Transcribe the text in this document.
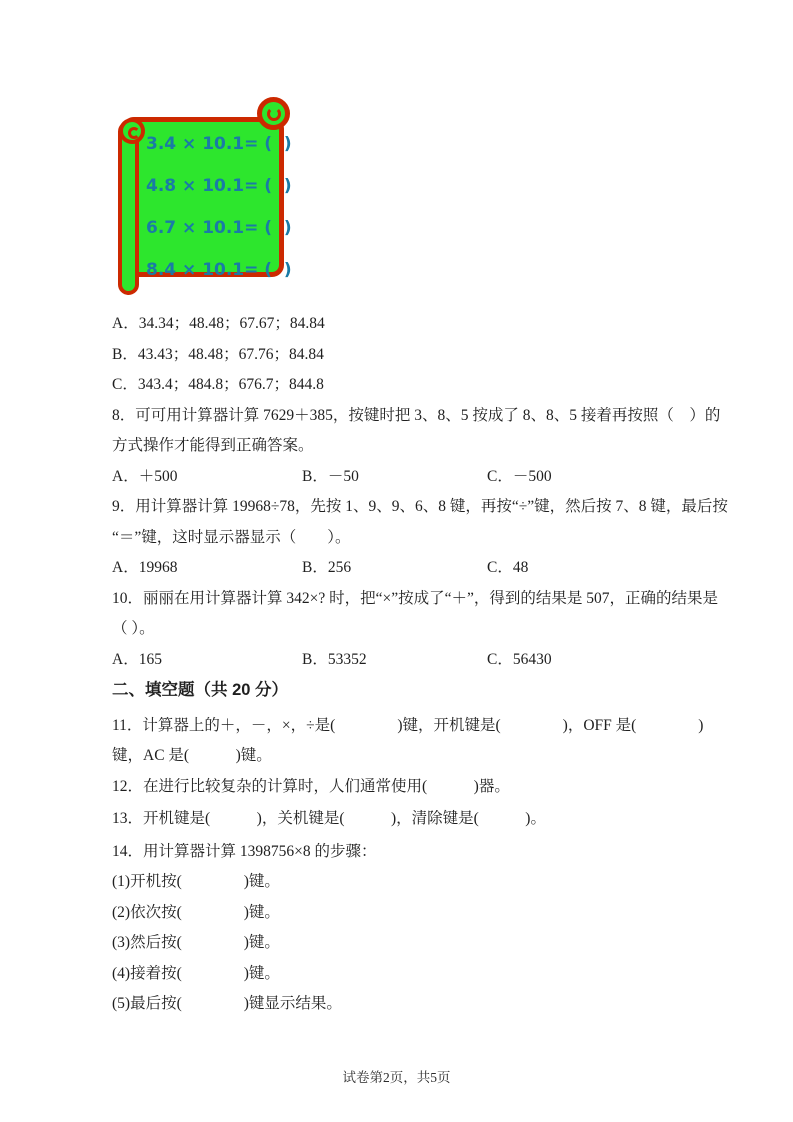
3.4 × 10.1= (  )
4.8 × 10.1= (  )
6.7 × 10.1= (  )
8.4 × 10.1= (  )
A．34.34；48.48；67.67；84.84
B．43.43；48.48；67.76；84.84
C．343.4；484.8；676.7；844.8
8．可可用计算器计算 7629＋385，按键时把 3、8、5 按成了 8、8、5 接着再按照（　）的
方式操作才能得到正确答案。
A．＋500	B．－50	C．－500
9．用计算器计算 19968÷78，先按 1、9、9、6、8 键，再按“÷”键，然后按 7、8 键，最后按
“＝”键，这时显示器显示（　　）。
A．19968	B．256	C．48
10．丽丽在用计算器计算 342×? 时，把“×”按成了“＋”，得到的结果是 507，正确的结果是
（ ）。
A．165	B．53352	C．56430
二、填空题（共 20 分）
11．计算器上的＋，－，×，÷是(　　　　)键，开机键是(　　　　)，OFF 是(　　　　)
键，AC 是(　　　)键。
12．在进行比较复杂的计算时，人们通常使用(　　　)器。
13．开机键是(　　　)，关机键是(　　　)，清除键是(　　　)。
14．用计算器计算 1398756×8 的步骤：
(1)开机按(　　　　)键。
(2)依次按(　　　　)键。
(3)然后按(　　　　)键。
(4)接着按(　　　　)键。
(5)最后按(　　　　)键显示结果。
试卷第2页，共5页
